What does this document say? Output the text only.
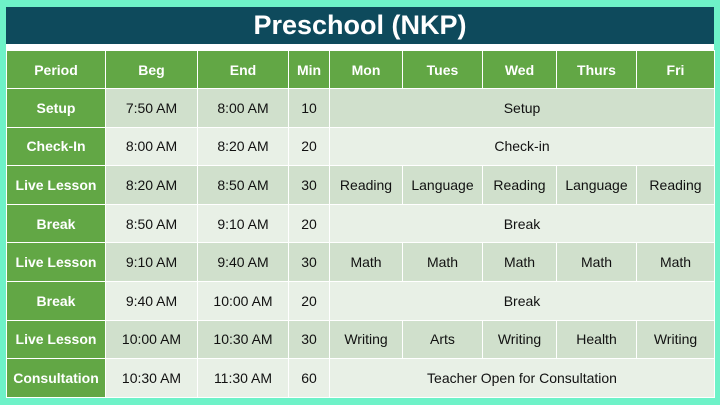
Preschool (NKP)
Period	Beg	End	Min	Mon	Tues	Wed	Thurs	Fri
Setup	7:50 AM	8:00 AM	10	Setup				
Check-In	8:00 AM	8:20 AM	20	Check-in				
Live Lesson	8:20 AM	8:50 AM	30	Reading	Language	Reading	Language	Reading
Break	8:50 AM	9:10 AM	20	Break				
Live Lesson	9:10 AM	9:40 AM	30	Math	Math	Math	Math	Math
Break	9:40 AM	10:00 AM	20	Break				
Live Lesson	10:00 AM	10:30 AM	30	Writing	Arts	Writing	Health	Writing
Consultation	10:30 AM	11:30 AM	60	Teacher Open for Consultation				
